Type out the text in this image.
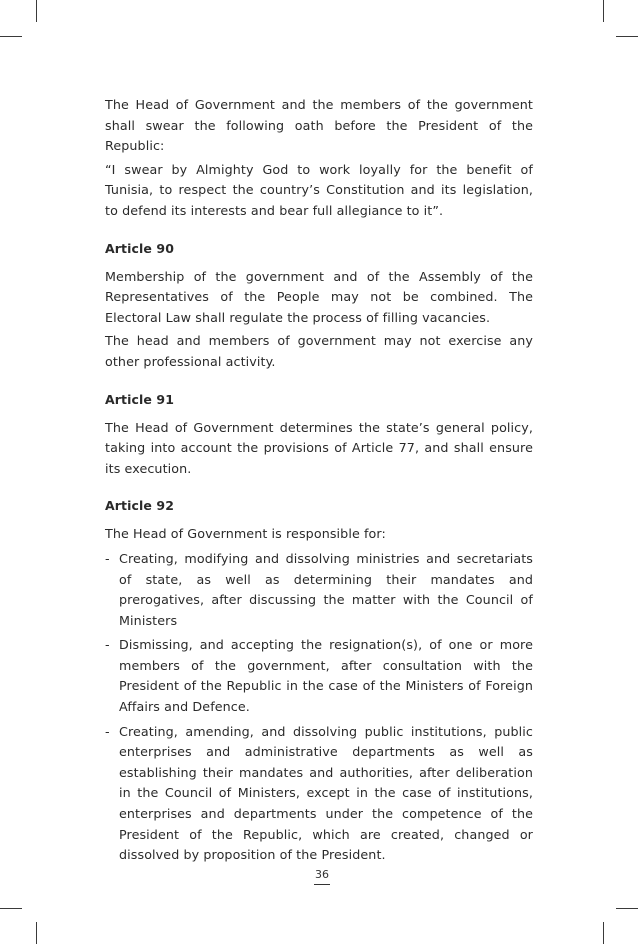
The Head of Government and the members of the government shall swear the following oath before the President of the Republic:

“I swear by Almighty God to work loyally for the benefit of Tunisia, to respect the country’s Constitution and its legislation, to defend its interests and bear full allegiance to it”.

Article 90

Membership of the government and of the Assembly of the Representatives of the People may not be combined. The Electoral Law shall regulate the process of filling vacancies.

The head and members of government may not exercise any other professional activity.

Article 91

The Head of Government determines the state’s general policy, taking into account the provisions of Article 77, and shall ensure its execution.

Article 92

The Head of Government is responsible for:

- Creating, modifying and dissolving ministries and secretariats of state, as well as determining their mandates and prerogatives, after discussing the matter with the Council of Ministers
- Dismissing, and accepting the resignation(s), of one or more members of the government, after consultation with the President of the Republic in the case of the Ministers of Foreign Affairs and Defence.
- Creating, amending, and dissolving public institutions, public enterprises and administrative departments as well as establishing their mandates and authorities, after deliberation in the Council of Ministers, except in the case of institutions, enterprises and departments under the competence of the President of the Republic, which are created, changed or dissolved by proposition of the President.
36
